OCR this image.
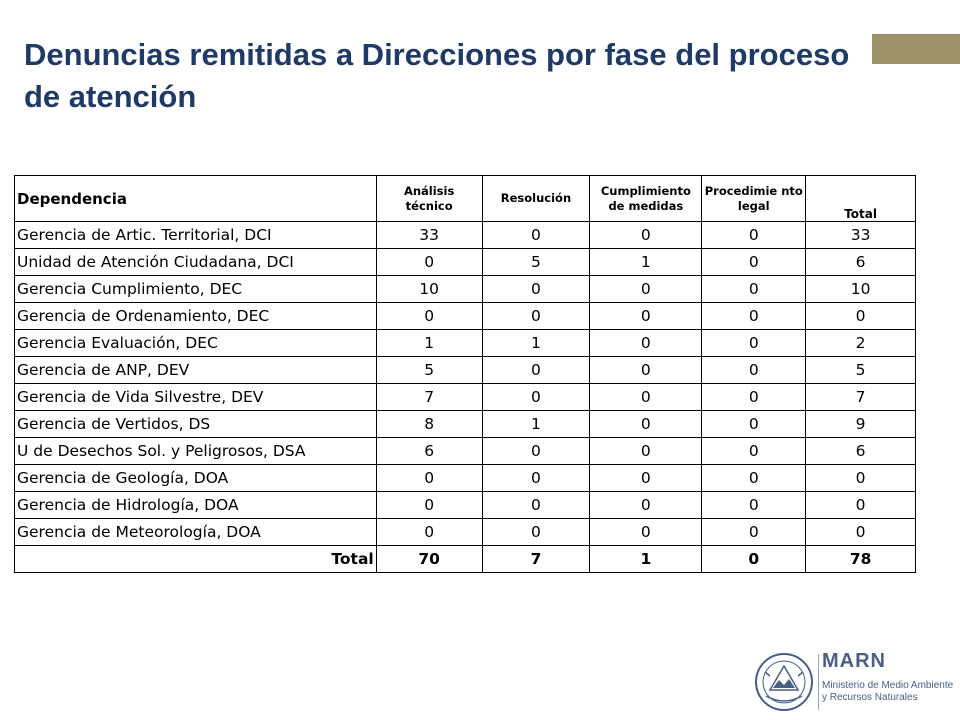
Denuncias remitidas a Direcciones por fase del proceso de atención
Dependencia	Análisis técnico	Resolución	Cumplimiento de medidas	Procedimie nto legal	Total
Gerencia de Artic. Territorial, DCI	33	0	0	0	33
Unidad de Atención Ciudadana, DCI	0	5	1	0	6
Gerencia Cumplimiento, DEC	10	0	0	0	10
Gerencia de Ordenamiento, DEC	0	0	0	0	0
Gerencia Evaluación, DEC	1	1	0	0	2
Gerencia de ANP, DEV	5	0	0	0	5
Gerencia de Vida Silvestre, DEV	7	0	0	0	7
Gerencia de Vertidos, DS	8	1	0	0	9
U de Desechos Sol. y Peligrosos, DSA	6	0	0	0	6
Gerencia de Geología, DOA	0	0	0	0	0
Gerencia de Hidrología, DOA	0	0	0	0	0
Gerencia de Meteorología, DOA	0	0	0	0	0
Total	70	7	1	0	78
MARN
Ministerio de Medio Ambiente
y Recursos Naturales
